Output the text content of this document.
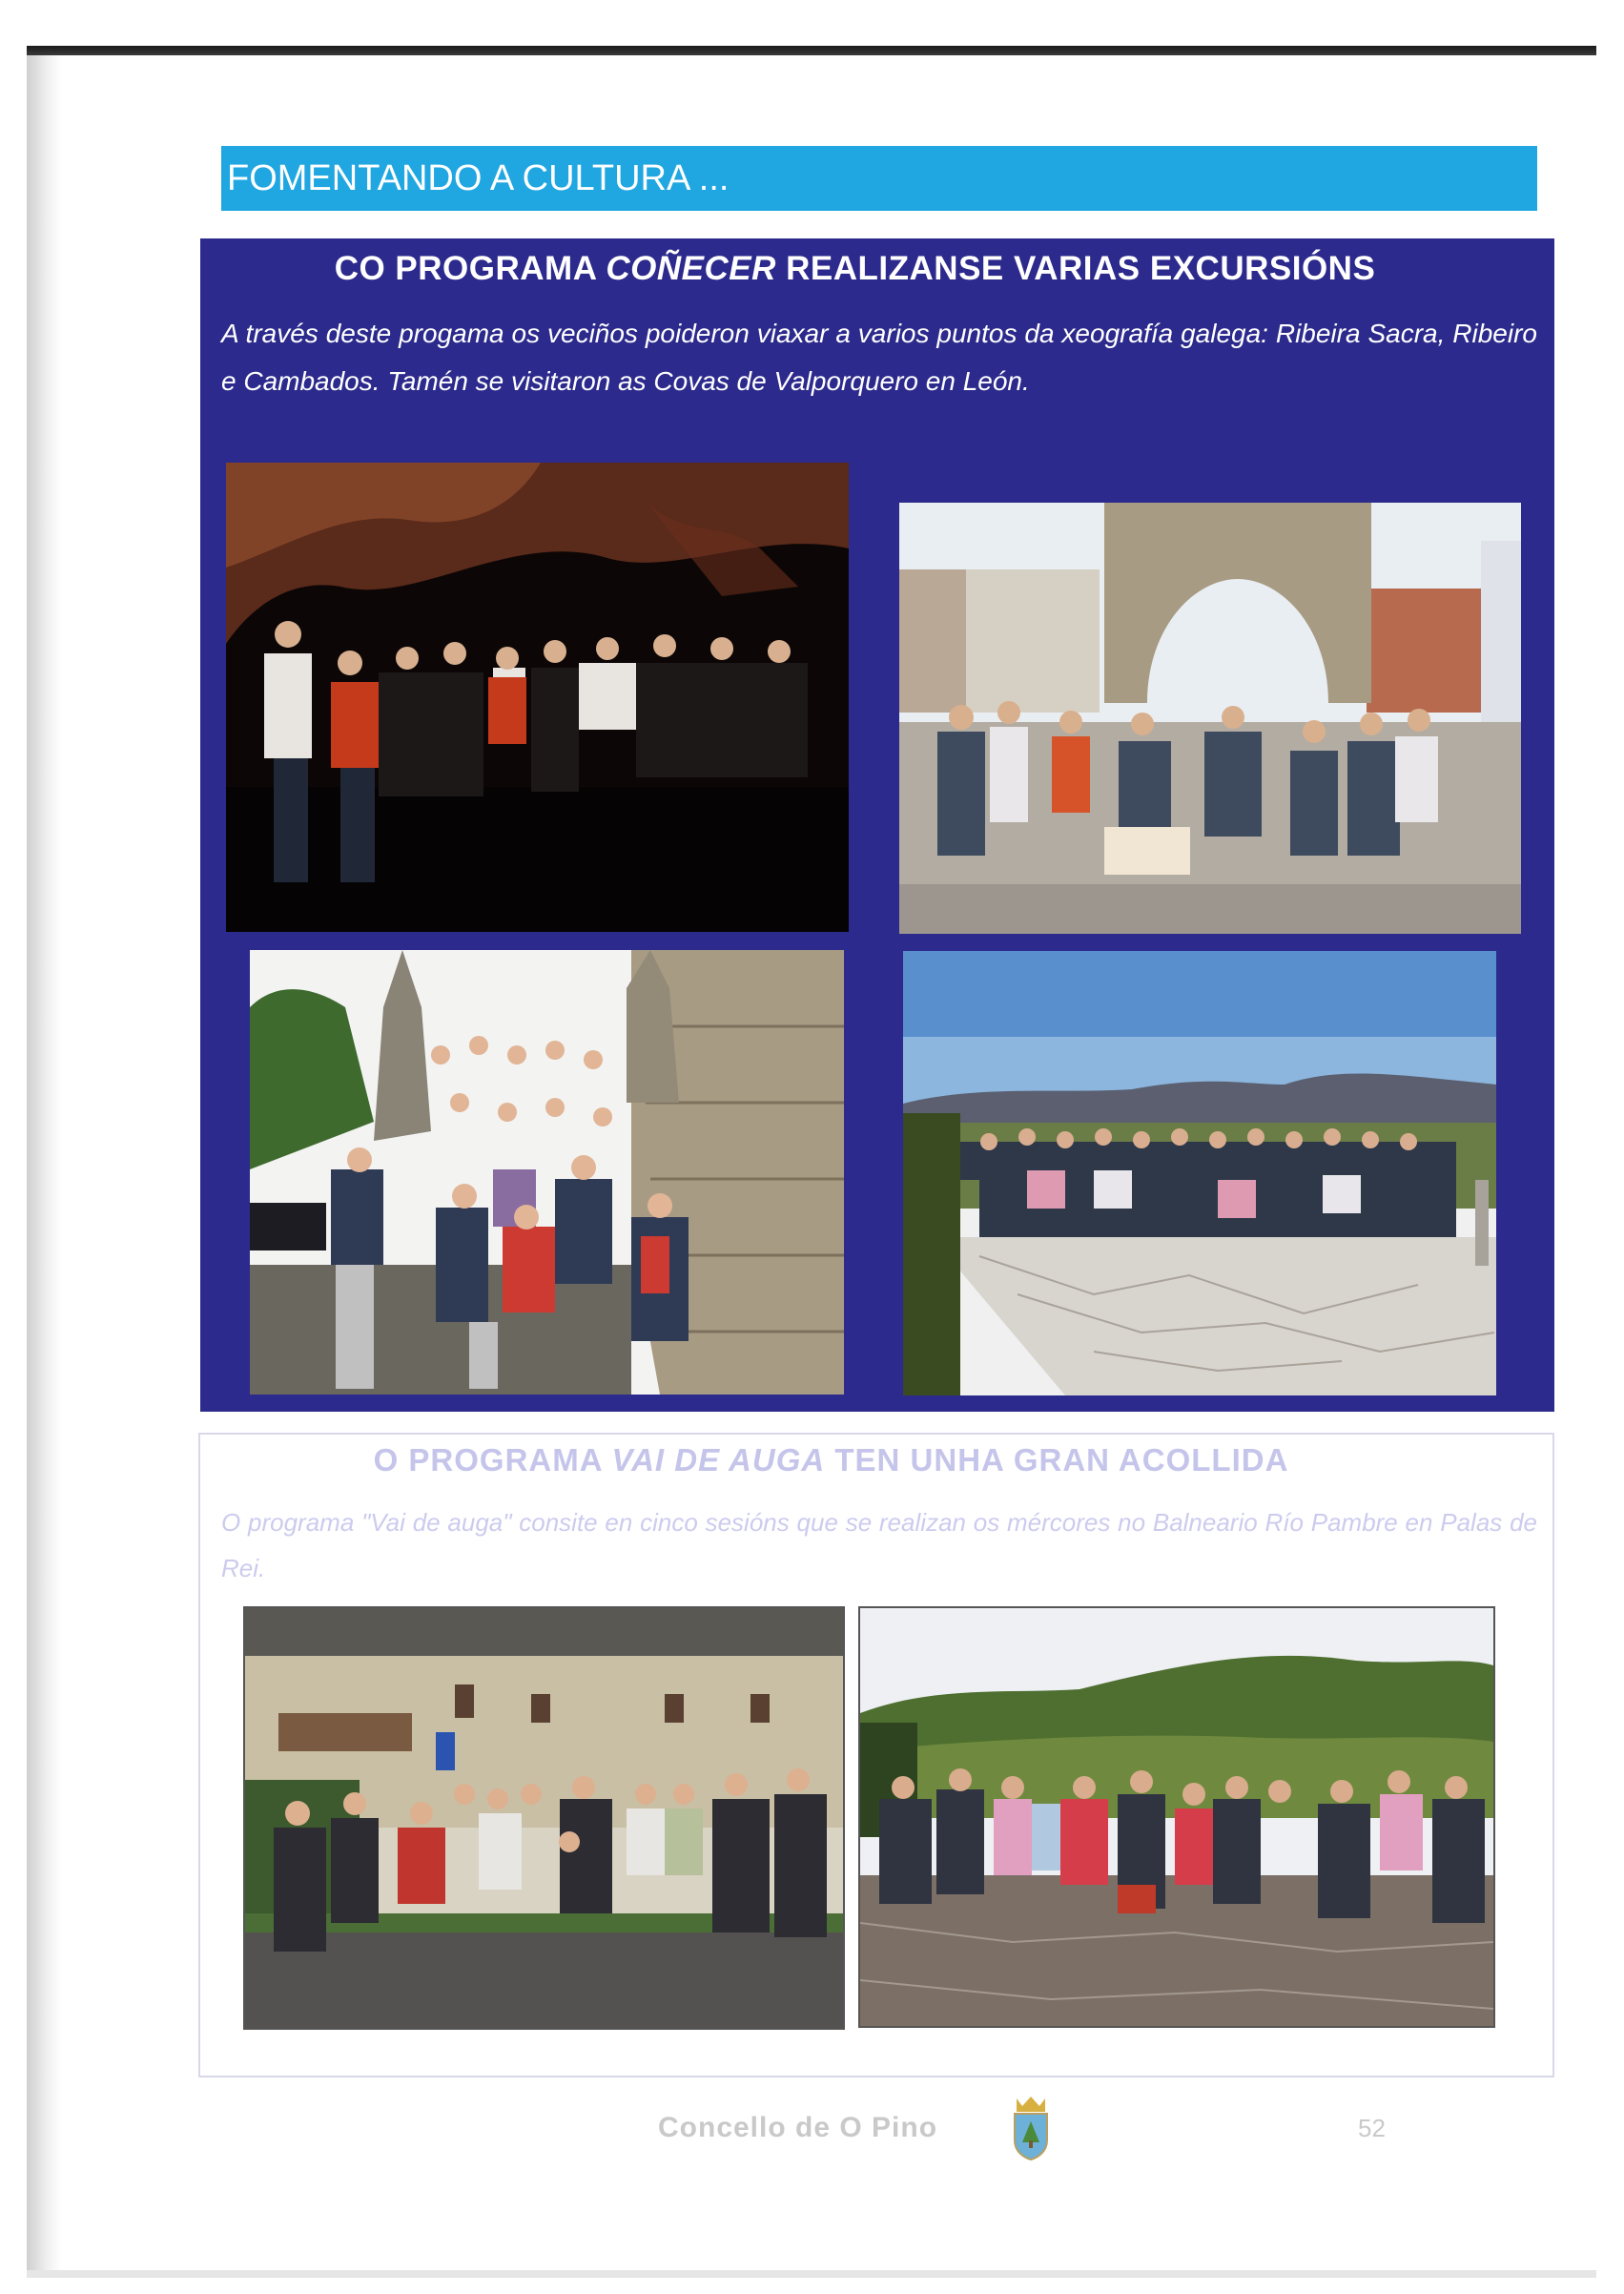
FOMENTANDO A CULTURA ...
CO PROGRAMA COÑECER REALIZANSE VARIAS EXCURSIÓNS
A través deste progama os veciños poideron viaxar a varios puntos da xeografía galega: Ribeira Sacra, Ribeiro e Cambados. Tamén se visitaron as Covas de Valporquero en León.
O PROGRAMA VAI DE AUGA TEN UNHA GRAN ACOLLIDA
O programa "Vai de auga" consite en cinco sesións que se realizan os mércores no Balneario Río Pambre en Palas de Rei.
Concello de O Pino	52
